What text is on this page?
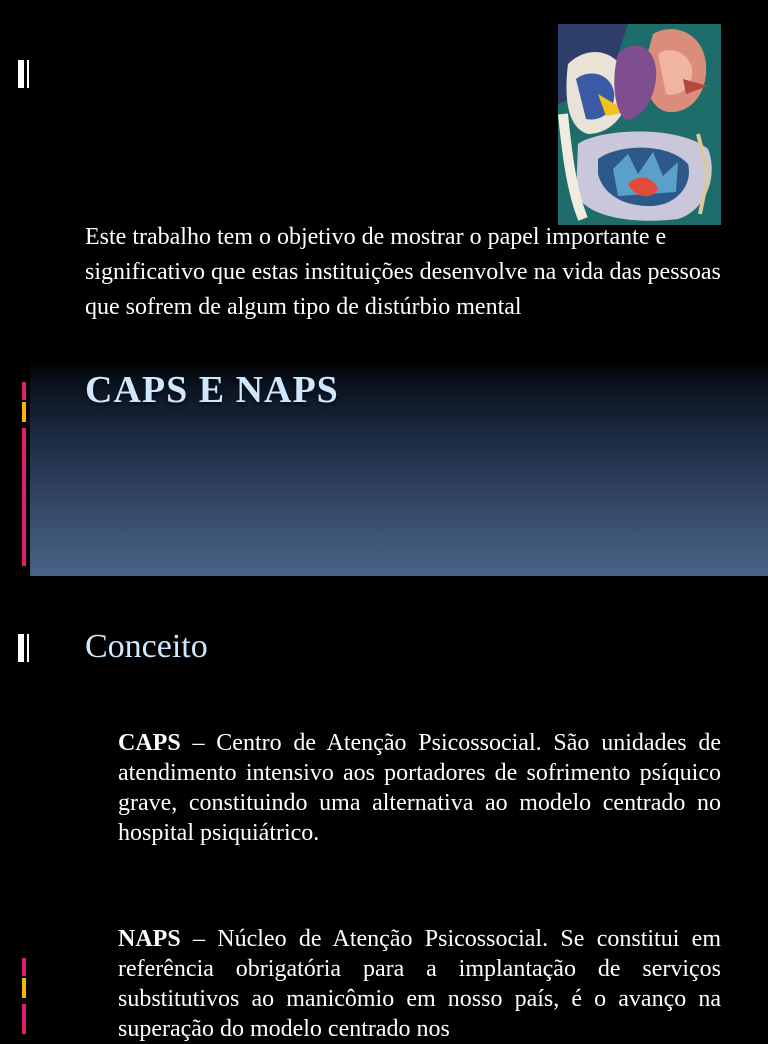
Este trabalho tem o objetivo de mostrar o papel importante e significativo que estas instituições desenvolve na vida das pessoas que sofrem de algum tipo de distúrbio mental
CAPS E NAPS
Conceito
CAPS – Centro de Atenção Psicossocial. São unidades de atendimento intensivo aos portadores de sofrimento psíquico grave, constituindo uma alternativa ao modelo centrado no hospital psiquiátrico.
NAPS – Núcleo de Atenção Psicossocial. Se constitui em referência obrigatória para a implantação de serviços substitutivos ao manicômio em nosso país, é o avanço na superação do modelo centrado nos
